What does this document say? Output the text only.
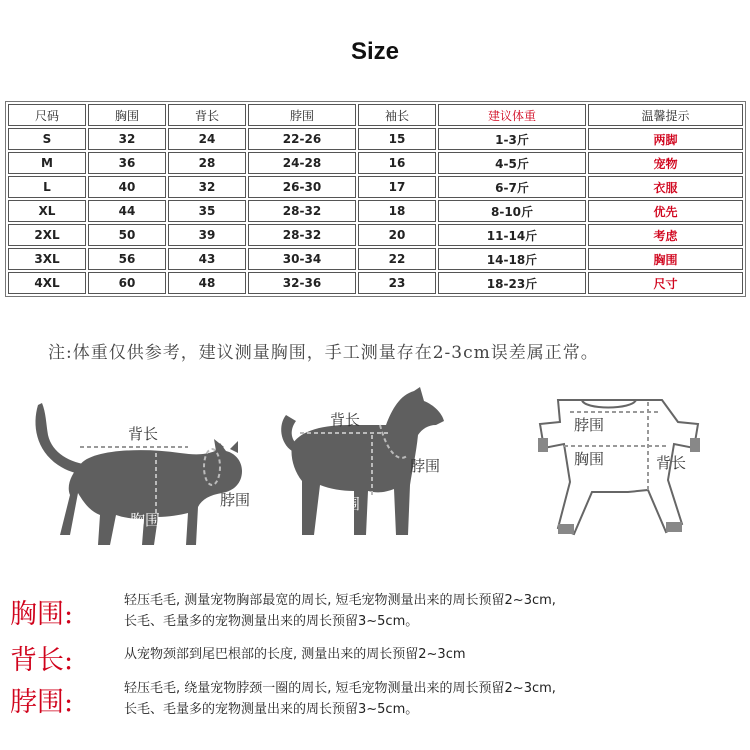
Size
尺码	胸围	背长	脖围	袖长	建议体重	温馨提示
S	32	24	22-26	15	1-3斤	两脚
M	36	28	24-28	16	4-5斤	宠物
L	40	32	26-30	17	6-7斤	衣服
XL	44	35	28-32	18	8-10斤	优先
2XL	50	39	28-32	20	11-14斤	考虑
3XL	56	43	30-34	22	14-18斤	胸围
4XL	60	48	32-36	23	18-23斤	尺寸
注:体重仅供参考，建议测量胸围，手工测量存在2-3cm误差属正常。
背长
胸围
脖围
背长
脖围
胸围
脖围
胸围	背长
胸围:	轻压毛毛, 测量宠物胸部最宽的周长, 短毛宠物测量出来的周长预留2~3cm,
长毛、毛量多的宠物测量出来的周长预留3~5cm。
背长:	从宠物颈部到尾巴根部的长度, 测量出来的周长预留2~3cm
脖围:	轻压毛毛, 绕量宠物脖颈一圈的周长, 短毛宠物测量出来的周长预留2~3cm,
长毛、毛量多的宠物测量出来的周长预留3~5cm。
